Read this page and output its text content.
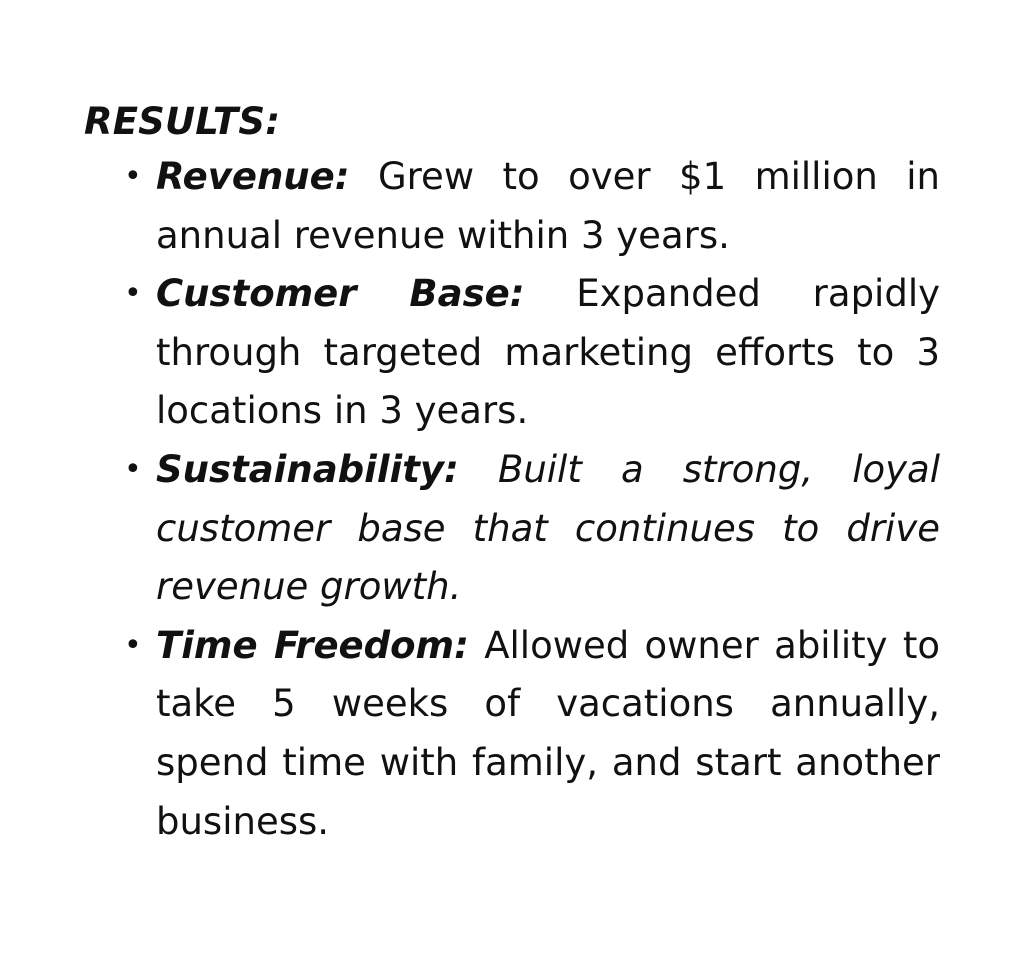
RESULTS:

• Revenue: Grew to over $1 million in annual revenue within 3 years.
• Customer Base: Expanded rapidly through targeted marketing efforts to 3 locations in 3 years.
• Sustainability: Built a strong, loyal customer base that continues to drive revenue growth.
• Time Freedom: Allowed owner ability to take 5 weeks of vacations annually, spend time with family, and start another business.
